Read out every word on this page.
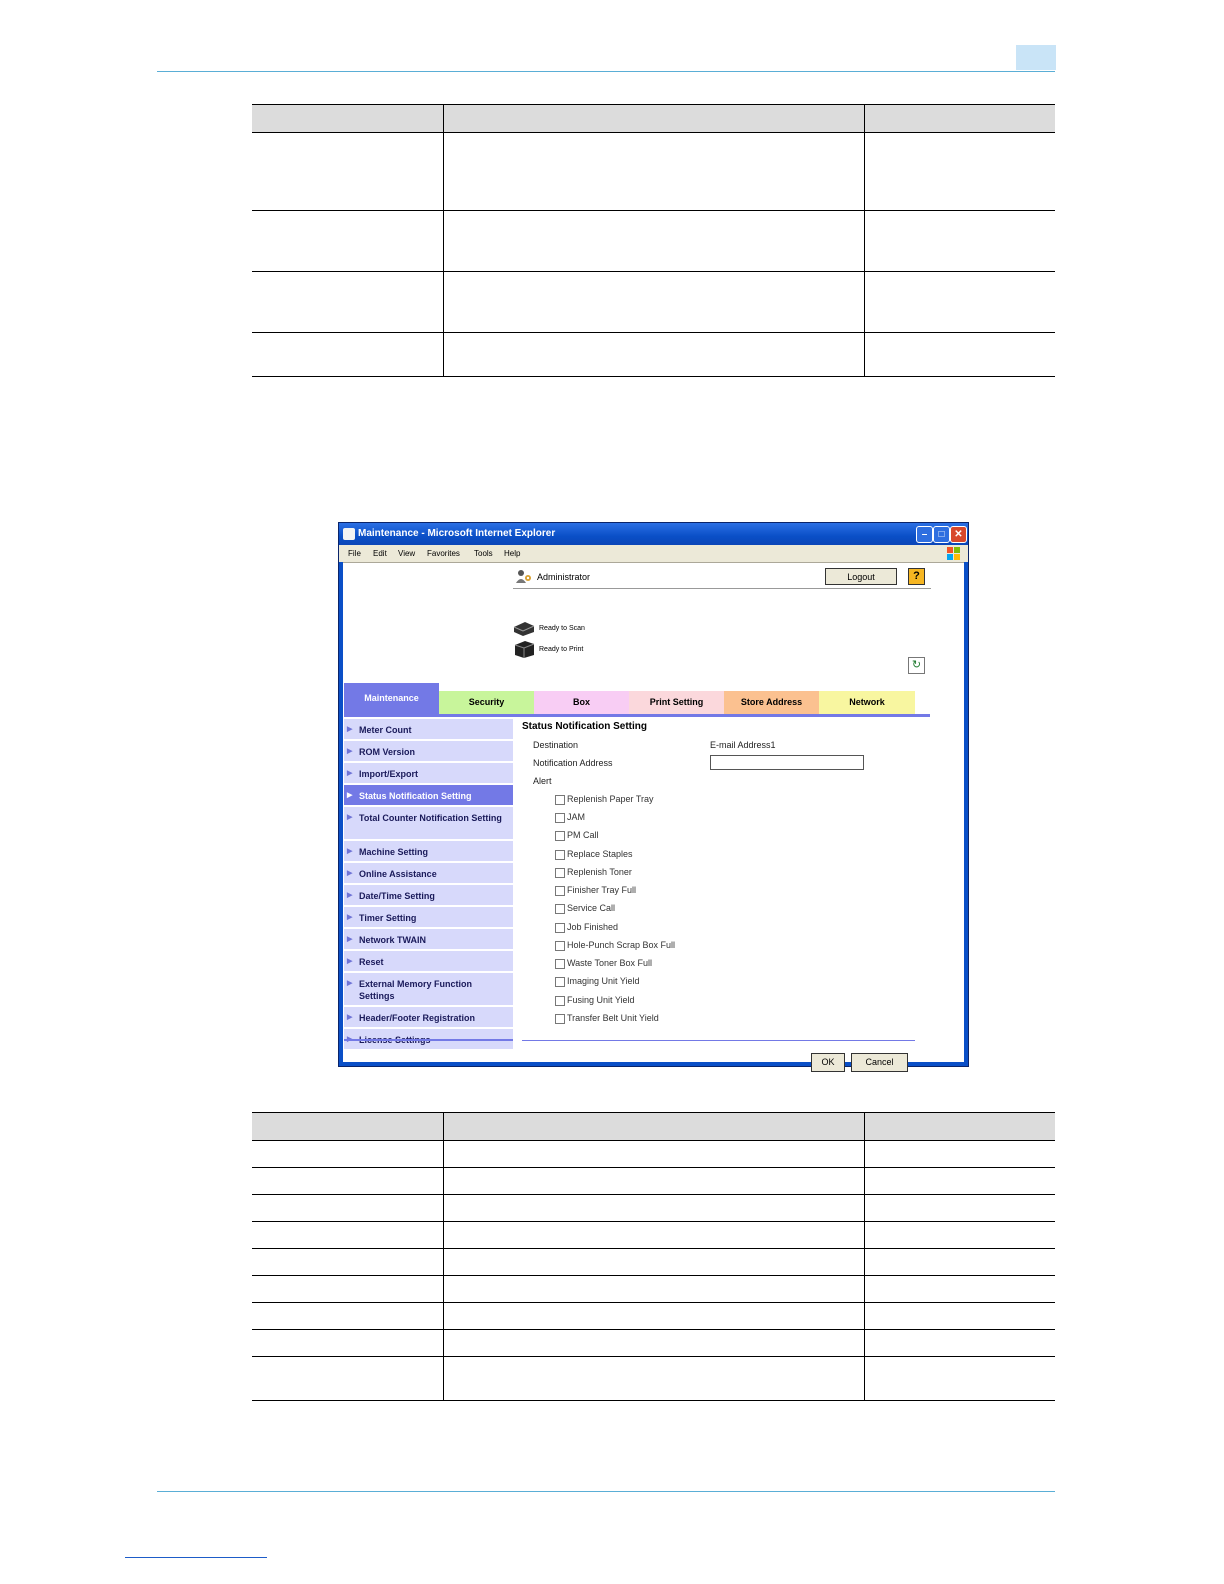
Maintenance - Microsoft Internet Explorer	–	□ ✕
File Edit View Favorites Tools Help
Administrator	Logout	?
Ready to Scan
Ready to Print
↻
Maintenance	Security	Box	Print Setting	Store Address	Network
▶ Meter Count
▶ ROM Version
▶ Import/Export
▶ Status Notification Setting
▶ Total Counter Notification Setting
▶ Machine Setting
▶ Online Assistance
▶ Date/Time Setting
▶ Timer Setting
▶ Network TWAIN
▶ Reset
▶ External Memory Function Settings
▶ Header/Footer Registration
▶
Status Notification Setting
Destination	E-mail Address1
Notification Address
Alert
Replenish Paper Tray
JAM
PM Call
Replace Staples
Replenish Toner
Finisher Tray Full
Service Call
Job Finished
Hole-Punch Scrap Box Full
Waste Toner Box Full
Imaging Unit Yield
Fusing Unit Yield
Transfer Belt Unit Yield
OK	Cancel
